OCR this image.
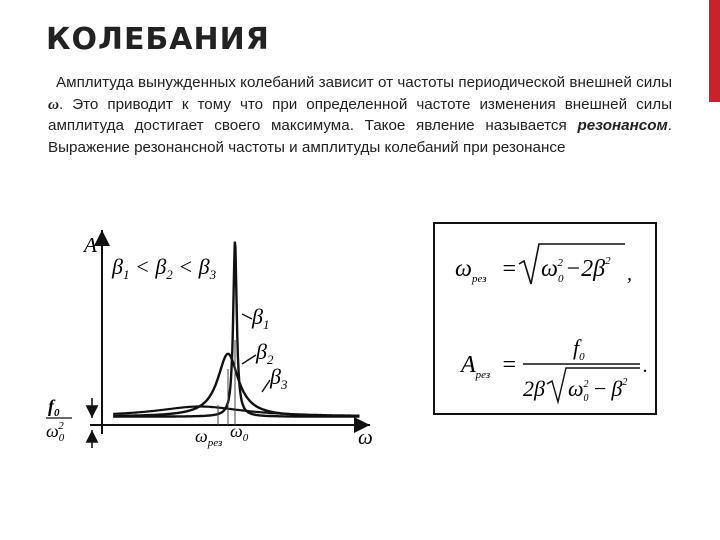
КОЛЕБАНИЯ

Амплитуда вынужденных колебаний зависит от частоты периодической внешней силы ω. Это приводит к тому что при определенной частоте изменения внешней силы амплитуда достигает своего максимума. Такое явление называется резонансом. Выражение резонансной частоты и амплитуды колебаний при резонансе

A
ω
$\beta_1 < \beta_2 < \beta_3$
$\beta_1$
$\beta_2$
$\beta_3$
$\omega_{рез}$
$\omega_0$
$f_0$
$\omega_02$
$\omega_{рез} = \omega_02-2\beta^2$
,
$A_{рез}$ =
$f_0$
2β $\omega_02 - \beta^2$
.
